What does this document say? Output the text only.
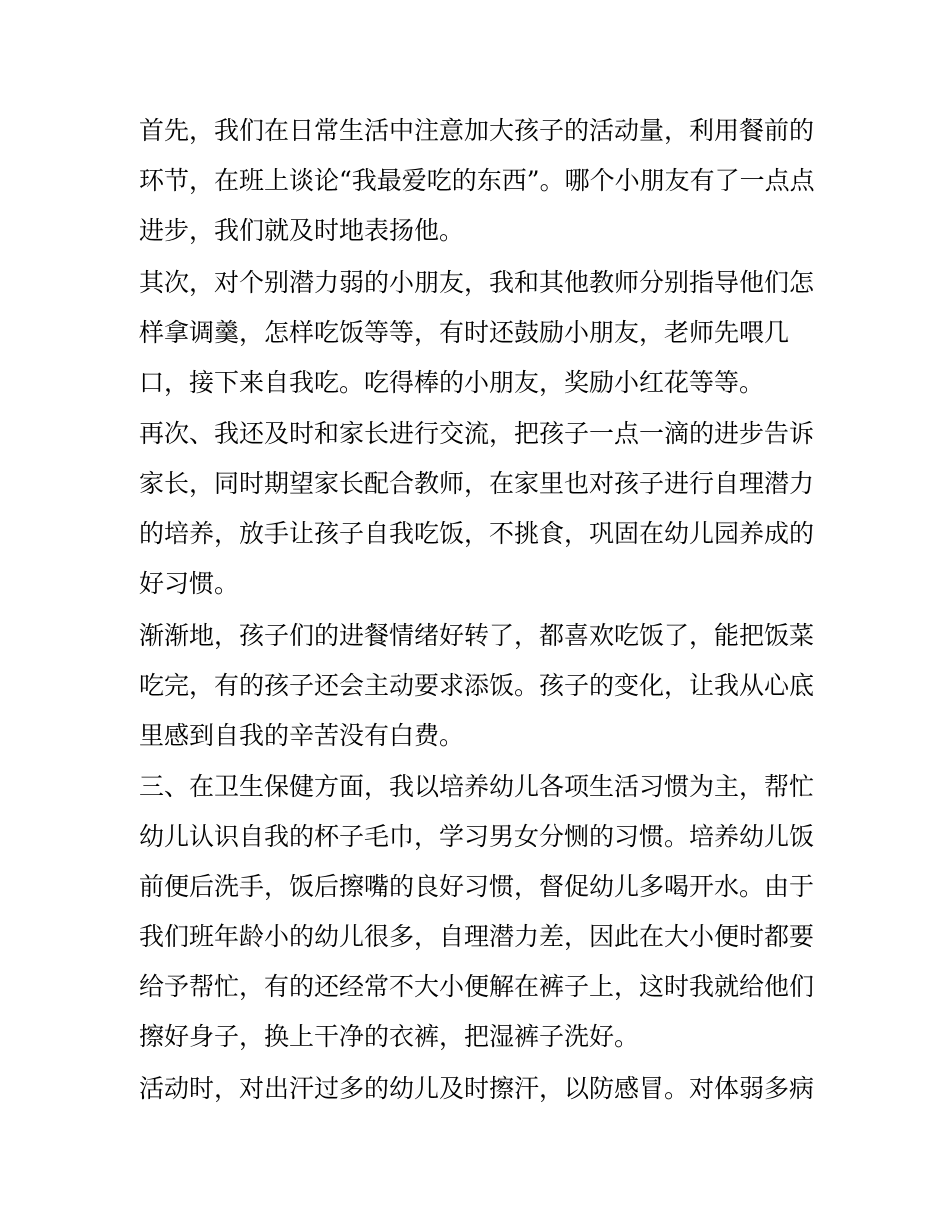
首先，我们在日常生活中注意加大孩子的活动量，利用餐前的
环节，在班上谈论“我最爱吃的东西”。哪个小朋友有了一点点
进步，我们就及时地表扬他。
其次，对个别潜力弱的小朋友，我和其他教师分别指导他们怎
样拿调羹，怎样吃饭等等，有时还鼓励小朋友，老师先喂几
口，接下来自我吃。吃得棒的小朋友，奖励小红花等等。
再次、我还及时和家长进行交流，把孩子一点一滴的进步告诉
家长，同时期望家长配合教师，在家里也对孩子进行自理潜力
的培养，放手让孩子自我吃饭，不挑食，巩固在幼儿园养成的
好习惯。
渐渐地，孩子们的进餐情绪好转了，都喜欢吃饭了，能把饭菜
吃完，有的孩子还会主动要求添饭。孩子的变化，让我从心底
里感到自我的辛苦没有白费。
三、在卫生保健方面，我以培养幼儿各项生活习惯为主，帮忙
幼儿认识自我的杯子毛巾，学习男女分恻的习惯。培养幼儿饭
前便后洗手，饭后擦嘴的良好习惯，督促幼儿多喝开水。由于
我们班年龄小的幼儿很多，自理潜力差，因此在大小便时都要
给予帮忙，有的还经常不大小便解在裤子上，这时我就给他们
擦好身子，换上干净的衣裤，把湿裤子洗好。
活动时，对出汗过多的幼儿及时擦汗，以防感冒。对体弱多病
